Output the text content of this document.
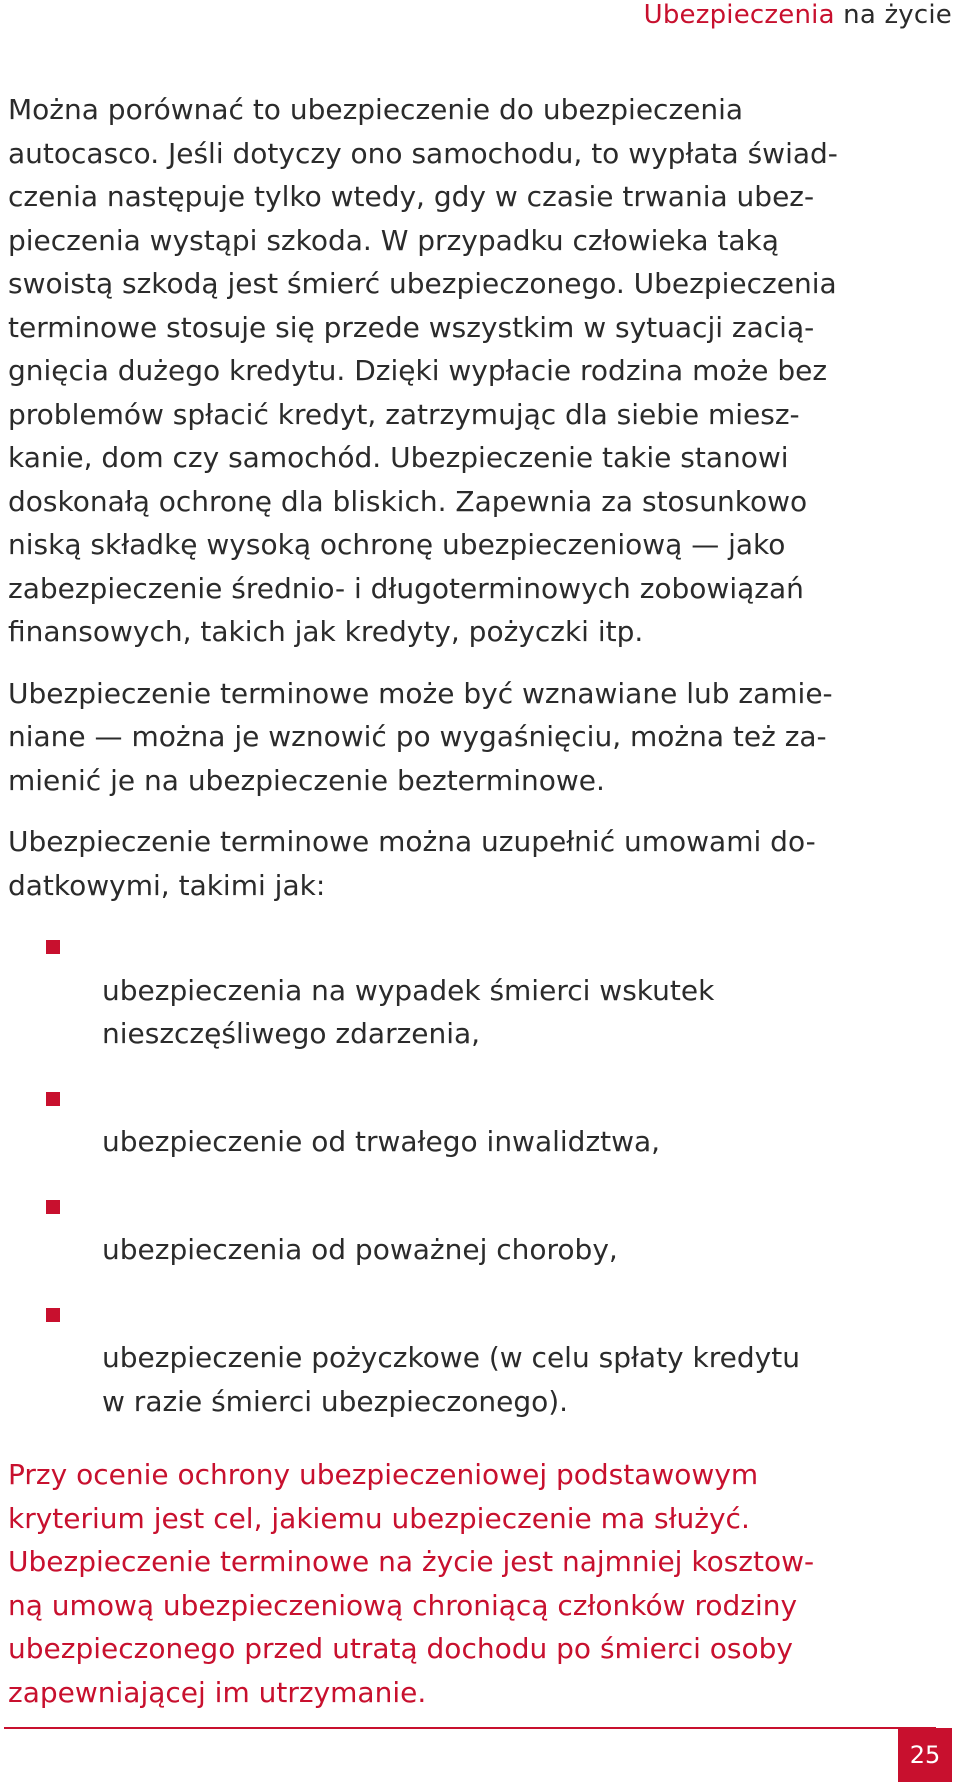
Ubezpieczenia na życie

Można porównać to ubezpieczenie do ubezpieczenia
autocasco. Jeśli dotyczy ono samochodu, to wypłata świad-
czenia następuje tylko wtedy, gdy w czasie trwania ubez-
pieczenia wystąpi szkoda. W przypadku człowieka taką
swoistą szkodą jest śmierć ubezpieczonego. Ubezpieczenia
terminowe stosuje się przede wszystkim w sytuacji zacią-
gnięcia dużego kredytu. Dzięki wypłacie rodzina może bez
problemów spłacić kredyt, zatrzymując dla siebie miesz-
kanie, dom czy samochód. Ubezpieczenie takie stanowi
doskonałą ochronę dla bliskich. Zapewnia za stosunkowo
niską składkę wysoką ochronę ubezpieczeniową — jako
zabezpieczenie średnio- i długoterminowych zobowiązań
finansowych, takich jak kredyty, pożyczki itp.

Ubezpieczenie terminowe może być wznawiane lub zamie-
niane — można je wznowić po wygaśnięciu, można też za-
mienić je na ubezpieczenie bezterminowe.

Ubezpieczenie terminowe można uzupełnić umowami do-
datkowymi, takimi jak:

ubezpieczenia na wypadek śmierci wskutek
nieszczęśliwego zdarzenia,

ubezpieczenie od trwałego inwalidztwa,

ubezpieczenia od poważnej choroby,

ubezpieczenie pożyczkowe (w celu spłaty kredytu
w razie śmierci ubezpieczonego).

Przy ocenie ochrony ubezpieczeniowej podstawowym
kryterium jest cel, jakiemu ubezpieczenie ma służyć.
Ubezpieczenie terminowe na życie jest najmniej kosztow-
ną umową ubezpieczeniową chroniącą członków rodziny
ubezpieczonego przed utratą dochodu po śmierci osoby
zapewniającej im utrzymanie.

25
